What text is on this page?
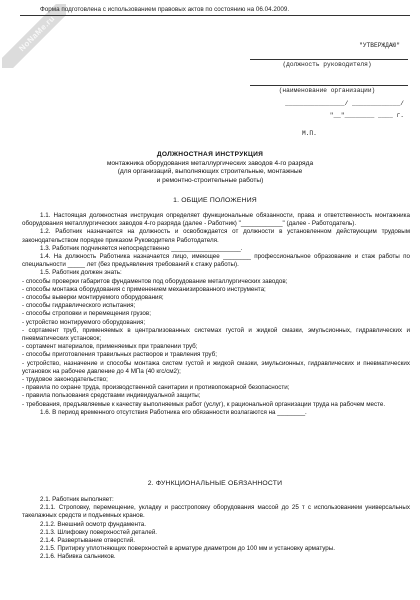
NoNaMe.ru
Форма подготовлена с использованием правовых актов по состоянию на 06.04.2009.
"УТВЕРЖДАЮ"
(должность руководителя)
(наименование организации)
________________/ _____________/
"__"________ ____ г.
М.П.
ДОЛЖНОСТНАЯ ИНСТРУКЦИЯ
монтажника оборудования металлургических заводов 4-го разряда
(для организаций, выполняющих строительные, монтажные
и ремонтно-строительные работы)
1. ОБЩИЕ ПОЛОЖЕНИЯ

1.1. Настоящая должностная инструкция определяет функциональные обязанности, права и ответственность монтажника оборудования металлургических заводов 4-го разряда (далее - Работник) "____________" (далее - Работодатель).

1.2. Работник назначается на должность и освобождается от должности в установленном действующим трудовым законодательством порядке приказом Руководителя Работодателя.

1.3. Работник подчиняется непосредственно ____________________.

1.4. На должность Работника назначается лицо, имеющее ________ профессиональное образование и стаж работы по специальности _____ лет (без предъявления требований к стажу работы).

1.5. Работник должен знать:

- способы проверки габаритов фундаментов под оборудование металлургических заводов;

- способы монтажа оборудования с применением механизированного инструмента;

- способы выверки монтируемого оборудования;

- способы гидравлического испытания;

- способы строповки и перемещения грузов;

- устройство монтируемого оборудования;

- сортамент труб, применяемых в централизованных системах густой и жидкой смазки, эмульсионных, гидравлических и пневматических установок;

- сортамент материалов, применяемых при травлении труб;

- способы приготовления травильных растворов и травления труб;

- устройство, назначение и способы монтажа систем густой и жидкой смазки, эмульсионных, гидравлических и пневматических установок на рабочее давление до 4 МПа (40 кгс/см2);

- трудовое законодательство;

- правила по охране труда, производственной санитарии и противопожарной безопасности;

- правила пользования средствами индивидуальной защиты;

- требования, предъявляемые к качеству выполняемых работ (услуг), к рациональной организации труда на рабочем месте.

1.6. В период временного отсутствия Работника его обязанности возлагаются на ________.

2. ФУНКЦИОНАЛЬНЫЕ ОБЯЗАННОСТИ

2.1. Работник выполняет:

2.1.1. Строповку, перемещение, укладку и расстроповку оборудования массой до 25 т с использованием универсальных такелажных средств и подъемных кранов.

2.1.2. Внешний осмотр фундамента.

2.1.3. Шлифовку поверхностей деталей.

2.1.4. Развертывание отверстий.

2.1.5. Притирку уплотняющих поверхностей в арматуре диаметром до 100 мм и установку арматуры.

2.1.6. Набивка сальников.
